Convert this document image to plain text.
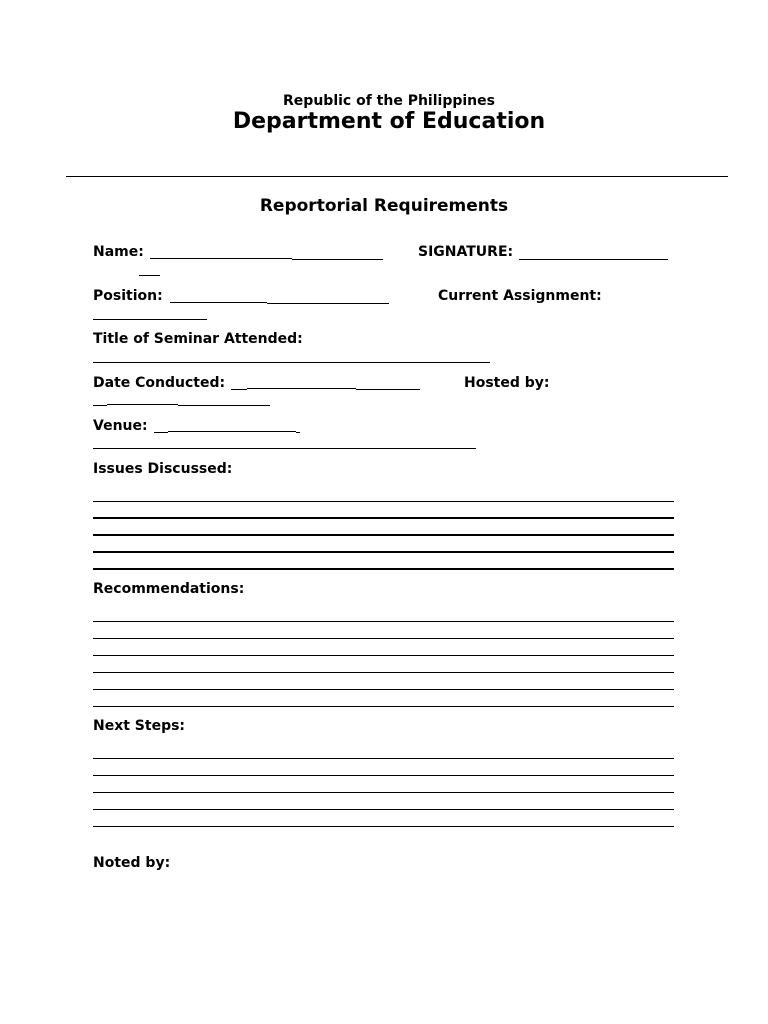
Republic of the Philippines
Department of Education
Reportorial Requirements
Name:	SIGNATURE:
Position:	Current Assignment:
Title of Seminar Attended:
Date Conducted:	Hosted by:
Venue:
Issues Discussed:
Recommendations:
Next Steps:
Noted by:
